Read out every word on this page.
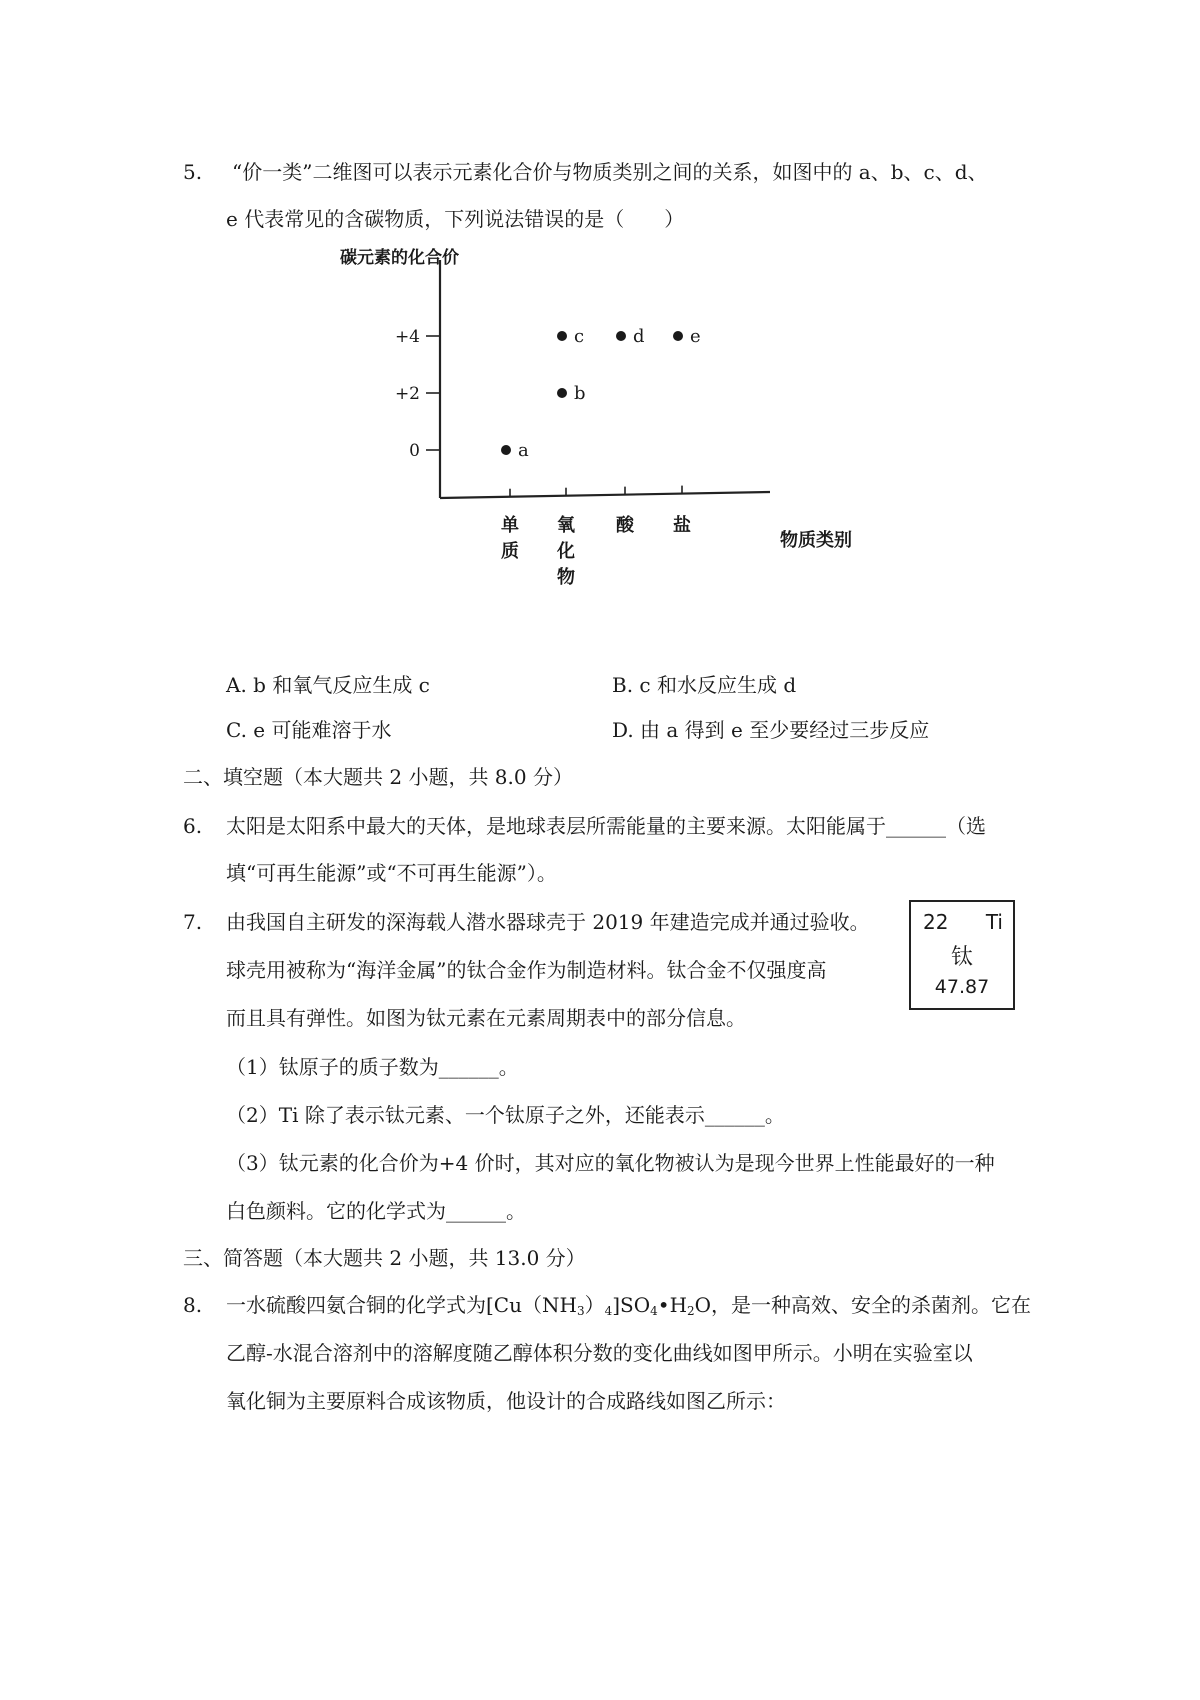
5. “价一类”二维图可以表示元素化合价与物质类别之间的关系，如图中的 a、b、c、d、
e 代表常见的含碳物质，下列说法错误的是（　　）
碳元素的化合价
物质类别
+4
+2
0
单
质
氧
化
物
酸 盐
a
b
c	d	e
A. b 和氧气反应生成 c	B. c 和水反应生成 d
C. e 可能难溶于水	D. 由 a 得到 e 至少要经过三步反应
二、填空题（本大题共 2 小题，共 8.0 分）
6. 太阳是太阳系中最大的天体，是地球表层所需能量的主要来源。太阳能属于______（选
填“可再生能源”或“不可再生能源”）。
7. 由我国自主研发的深海载人潜水器球壳于 2019 年建造完成并通过验收。
球壳用被称为“海洋金属”的钛合金作为制造材料。钛合金不仅强度高
而且具有弹性。如图为钛元素在元素周期表中的部分信息。
22 Ti
钛
47.87
（1）钛原子的质子数为______。
（2）Ti 除了表示钛元素、一个钛原子之外，还能表示______。
（3）钛元素的化合价为+4 价时，其对应的氧化物被认为是现今世界上性能最好的一种
白色颜料。它的化学式为______。
三、简答题（本大题共 2 小题，共 13.0 分）
8. 一水硫酸四氨合铜的化学式为$[Cu(NH_3)_4]SO_4•H_2O$，是一种高效、安全的杀菌剂。它在
乙醇-水混合溶剂中的溶解度随乙醇体积分数的变化曲线如图甲所示。小明在实验室以
氧化铜为主要原料合成该物质，他设计的合成路线如图乙所示：
